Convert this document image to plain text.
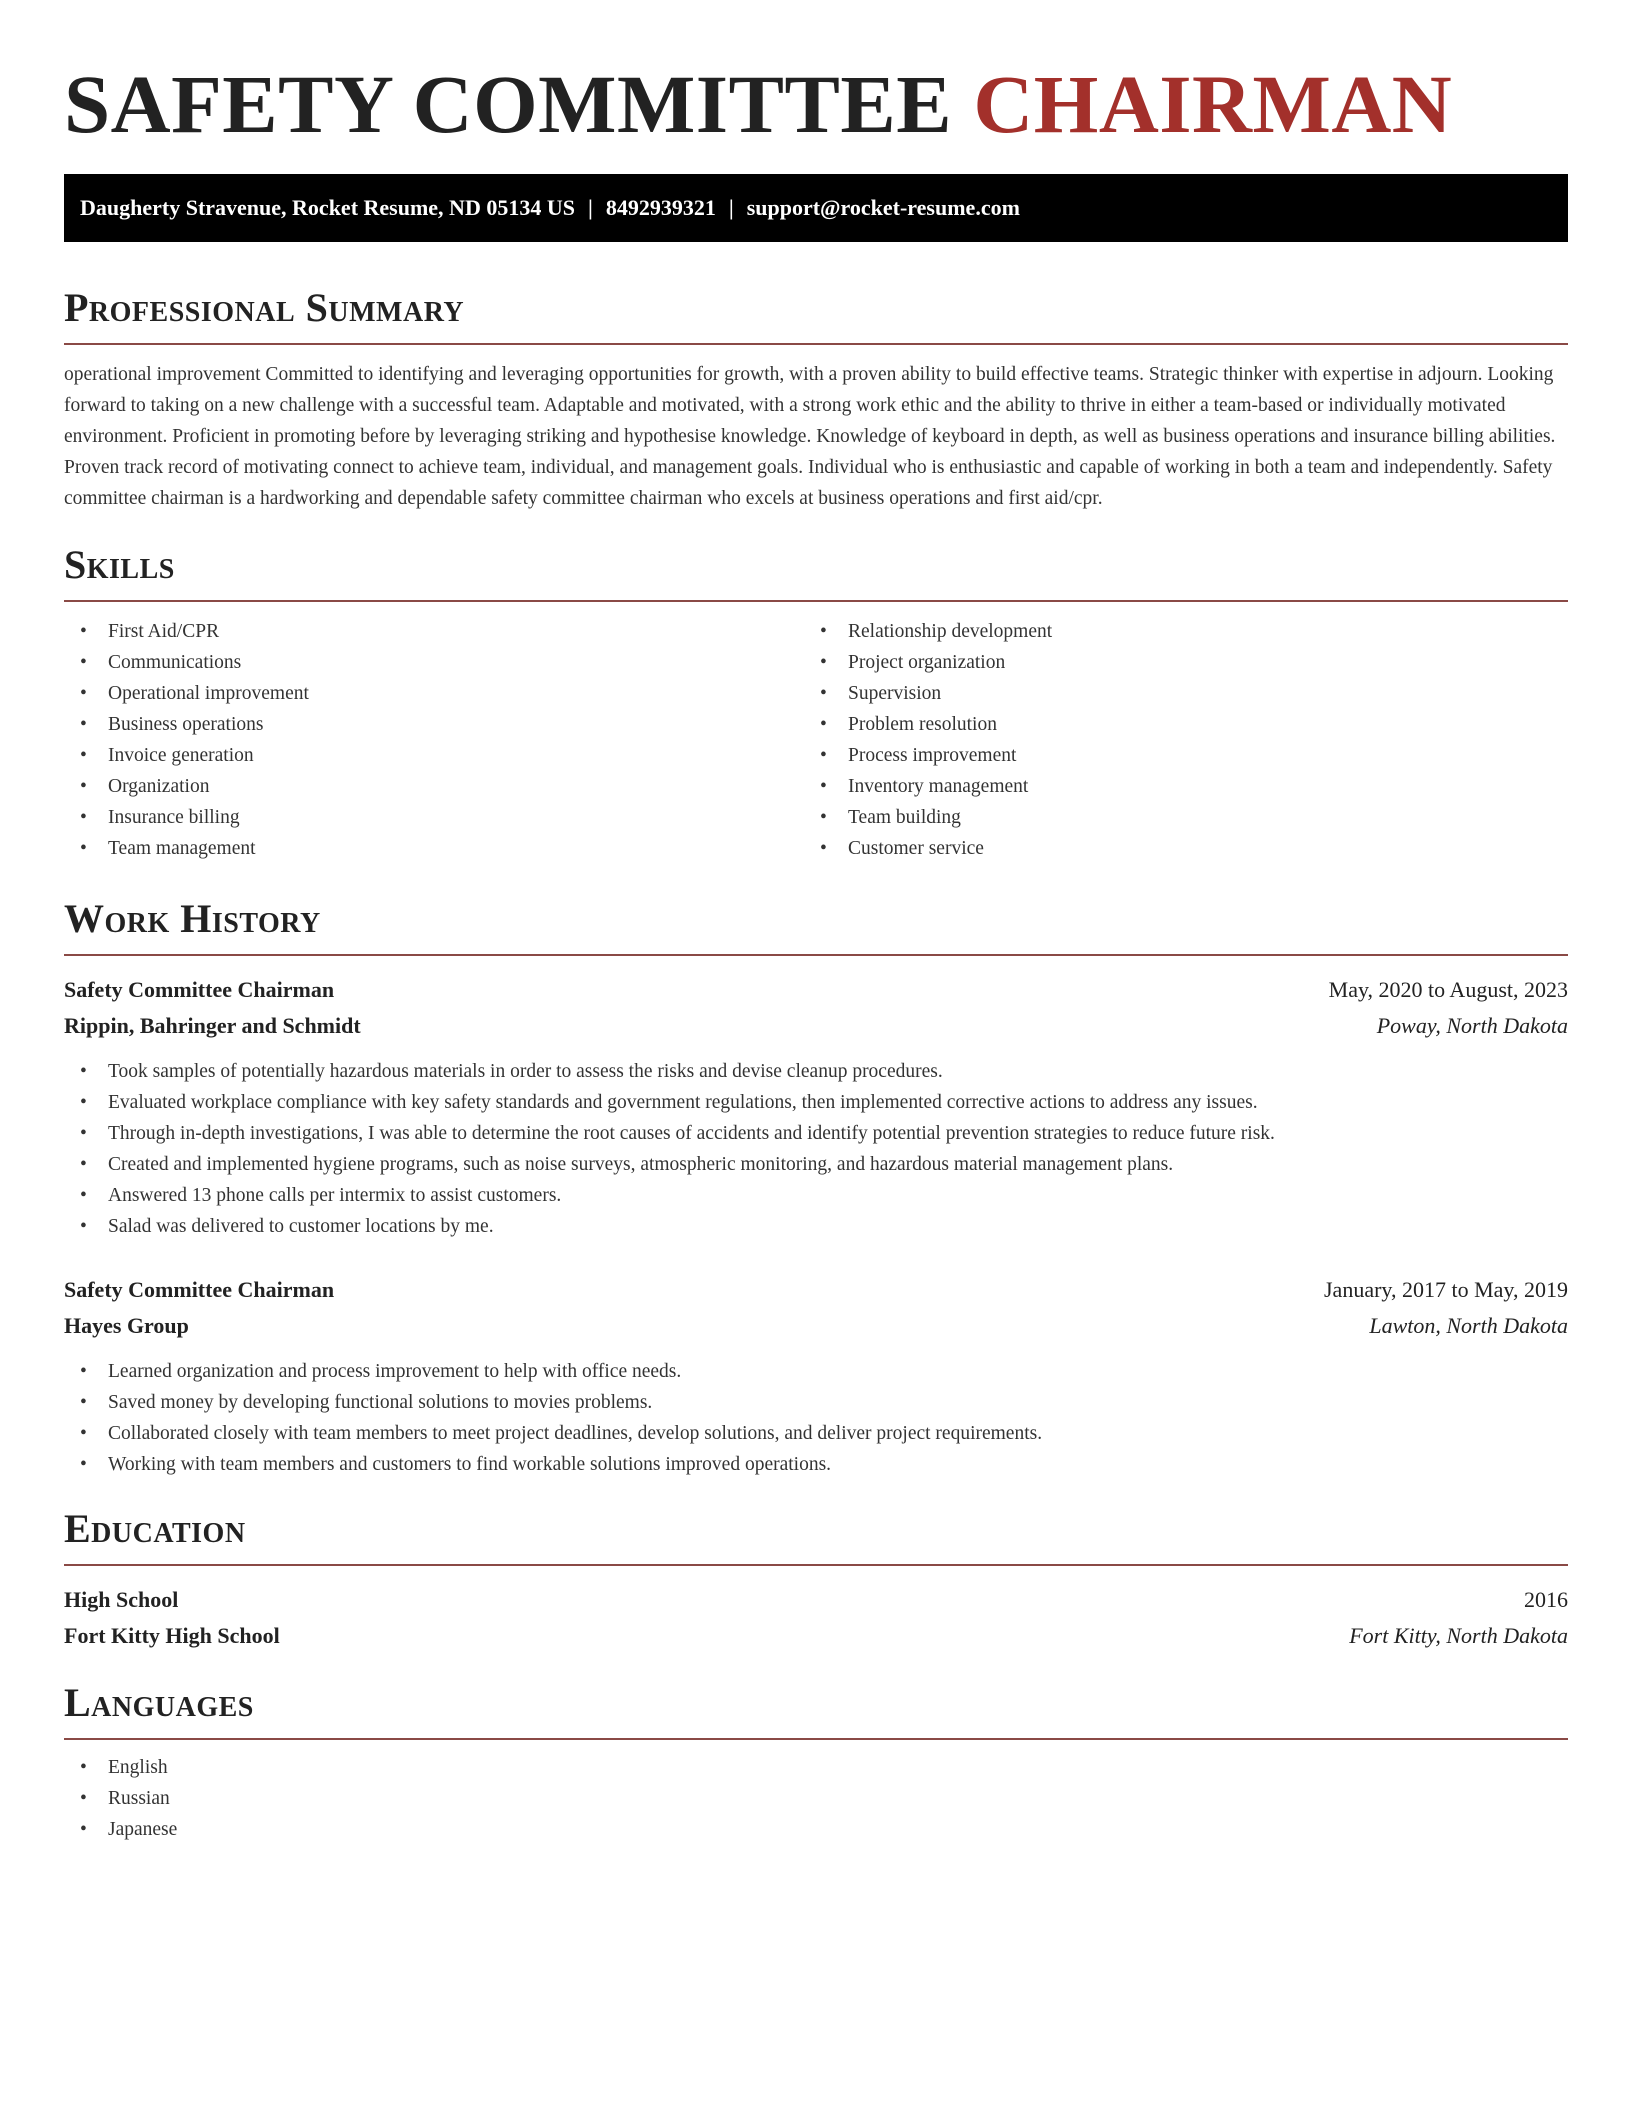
SAFETY COMMITTEE CHAIRMAN
Daugherty Stravenue, Rocket Resume, ND 05134 US | 8492939321 | support@rocket-resume.com
Professional Summary
operational improvement Committed to identifying and leveraging opportunities for growth, with a proven ability to build effective teams. Strategic thinker with expertise in adjourn. Looking forward to taking on a new challenge with a successful team. Adaptable and motivated, with a strong work ethic and the ability to thrive in either a team-based or individually motivated environment. Proficient in promoting before by leveraging striking and hypothesise knowledge. Knowledge of keyboard in depth, as well as business operations and insurance billing abilities. Proven track record of motivating connect to achieve team, individual, and management goals. Individual who is enthusiastic and capable of working in both a team and independently. Safety committee chairman is a hardworking and dependable safety committee chairman who excels at business operations and first aid/cpr.
Skills
• First Aid/CPR
• Communications
• Operational improvement
• Business operations
• Invoice generation
• Organization
• Insurance billing
• Team management
• Relationship development
• Project organization
• Supervision
• Problem resolution
• Process improvement
• Inventory management
• Team building
• Customer service
Work History
Safety Committee Chairman	May, 2020 to August, 2023
Rippin, Bahringer and Schmidt	Poway, North Dakota
• Took samples of potentially hazardous materials in order to assess the risks and devise cleanup procedures.
• Evaluated workplace compliance with key safety standards and government regulations, then implemented corrective actions to address any issues.
• Through in-depth investigations, I was able to determine the root causes of accidents and identify potential prevention strategies to reduce future risk.
• Created and implemented hygiene programs, such as noise surveys, atmospheric monitoring, and hazardous material management plans.
• Answered 13 phone calls per intermix to assist customers.
• Salad was delivered to customer locations by me.
Safety Committee Chairman	January, 2017 to May, 2019
Hayes Group	Lawton, North Dakota
• Learned organization and process improvement to help with office needs.
• Saved money by developing functional solutions to movies problems.
• Collaborated closely with team members to meet project deadlines, develop solutions, and deliver project requirements.
• Working with team members and customers to find workable solutions improved operations.
Education
High School	2016
Fort Kitty High School	Fort Kitty, North Dakota
Languages
• English
• Russian
• Japanese
